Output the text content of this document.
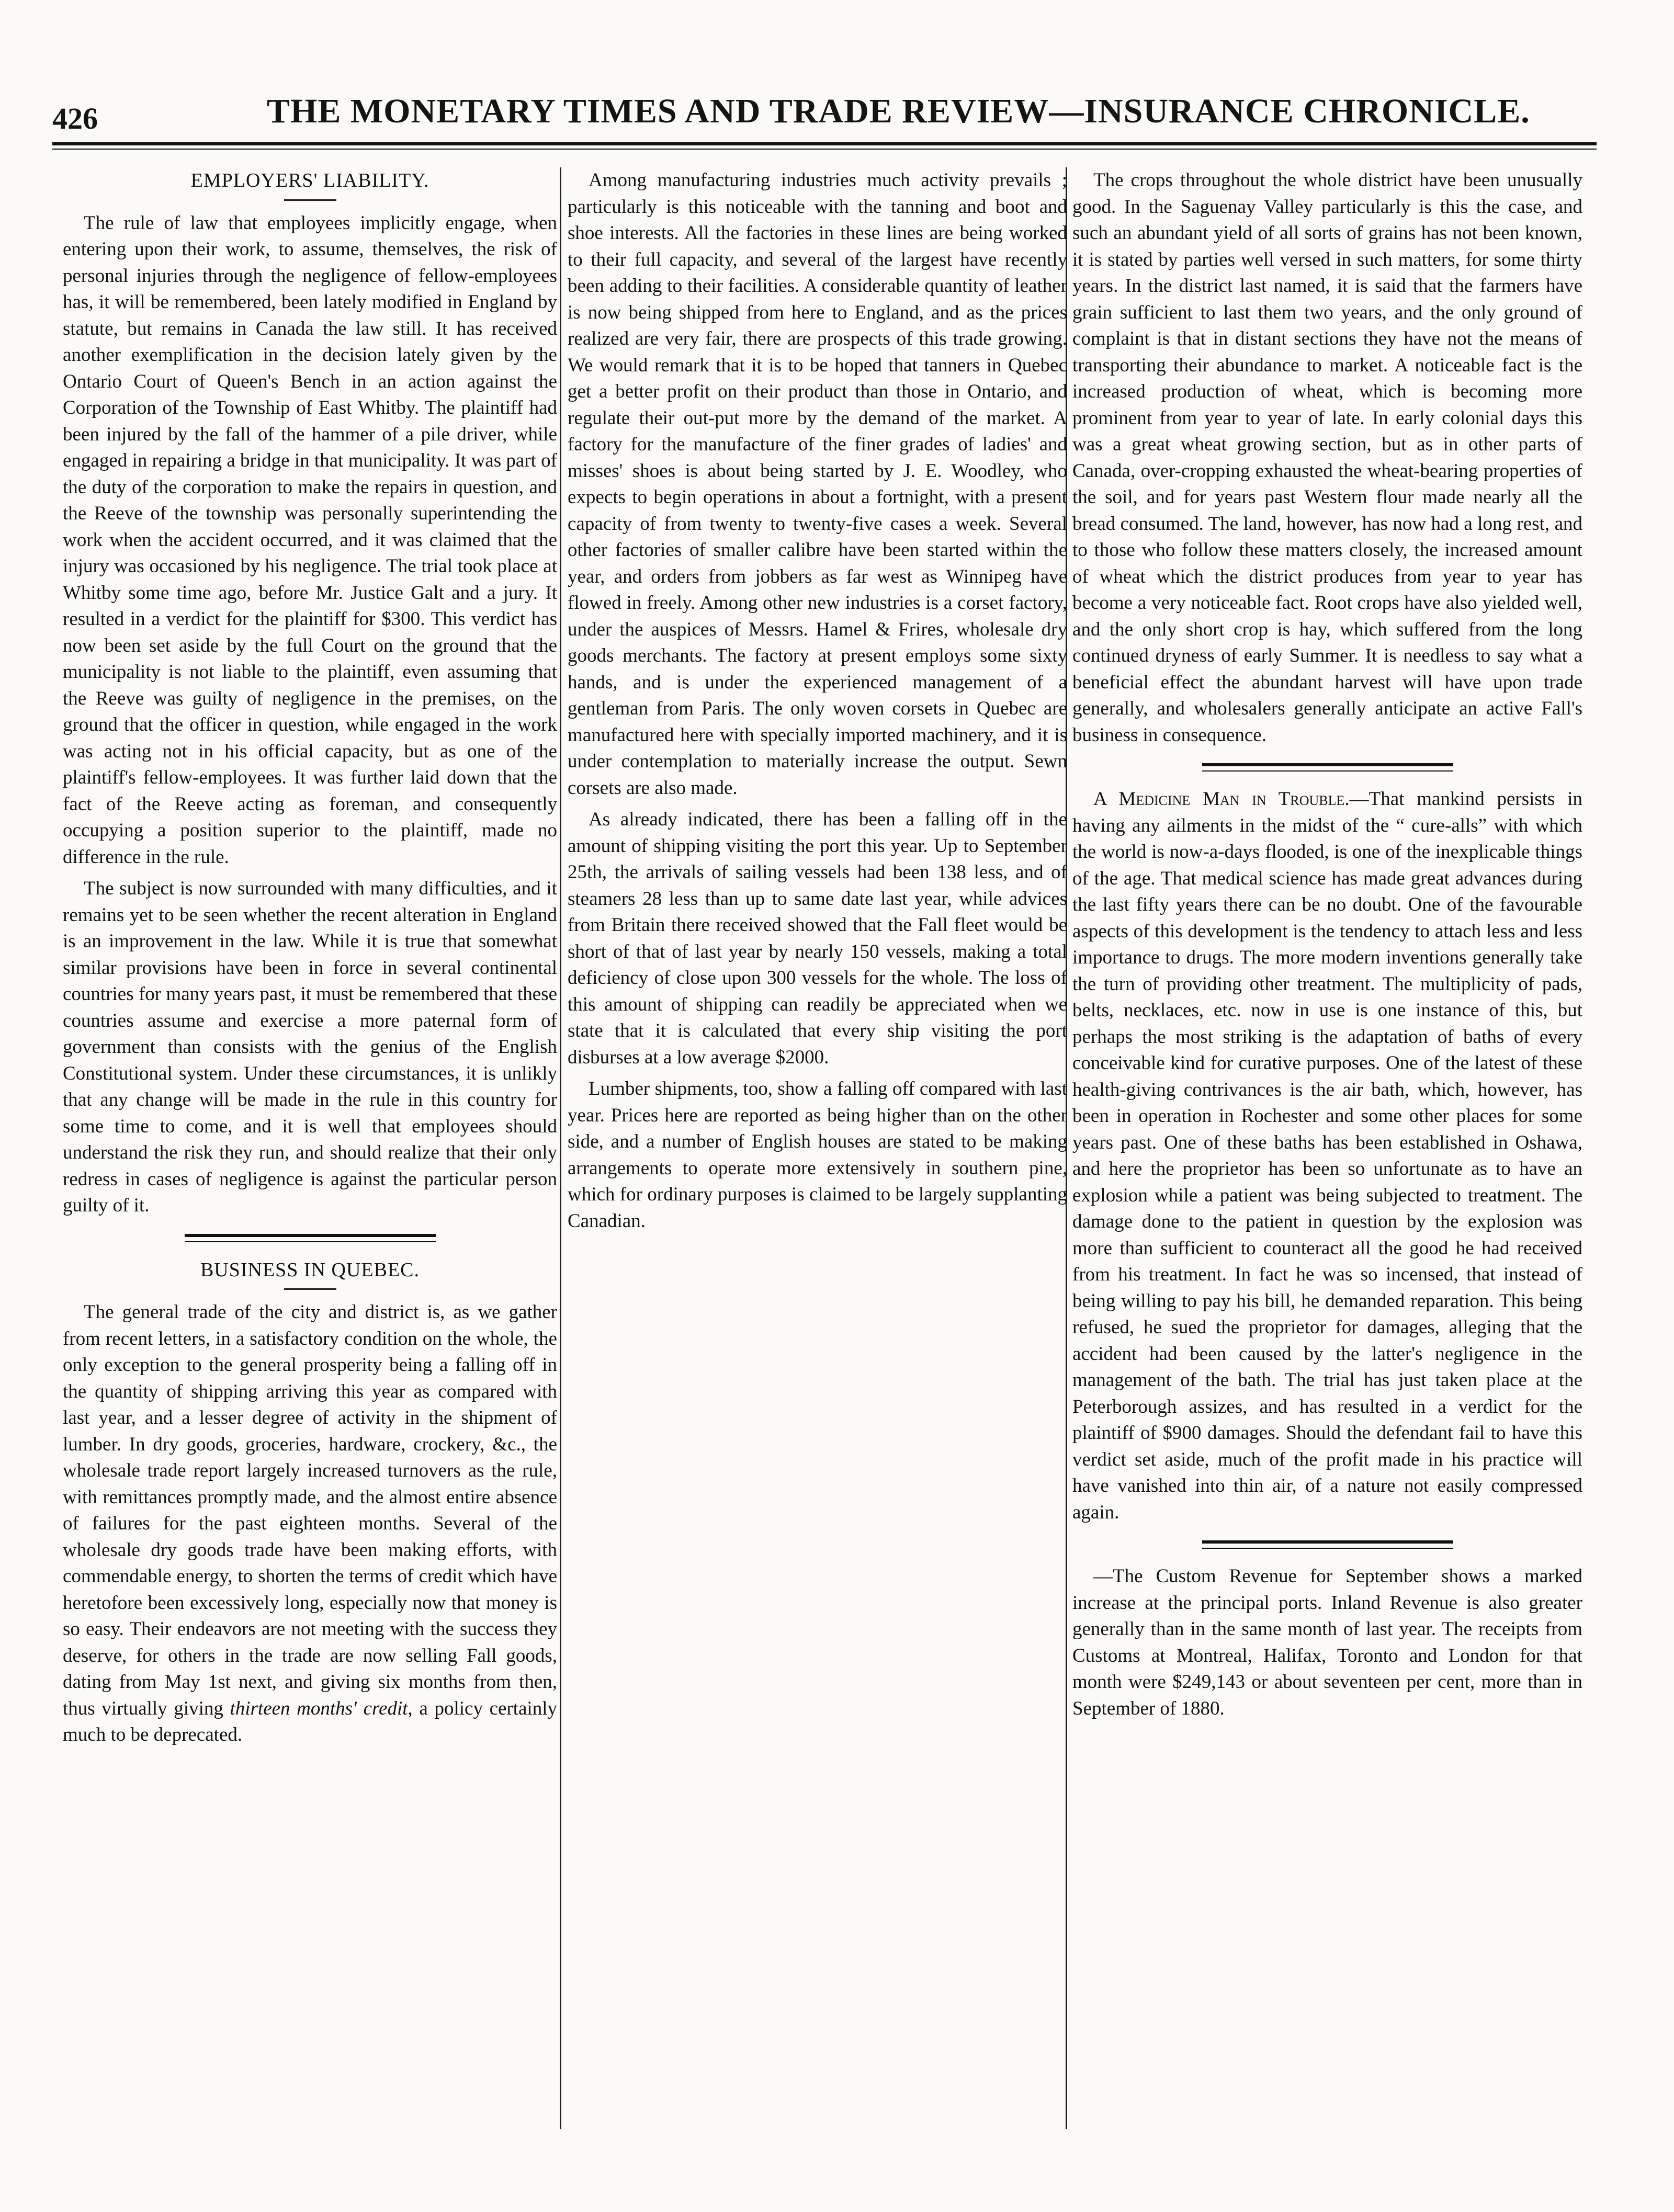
426	THE MONETARY TIMES AND TRADE REVIEW—INSURANCE CHRONICLE.
EMPLOYERS' LIABILITY.

The rule of law that employees implicitly engage, when entering upon their work, to assume, themselves, the risk of personal injuries through the negligence of fellow-employees has, it will be remembered, been lately modified in England by statute, but remains in Canada the law still. It has received another exemplification in the decision lately given by the Ontario Court of Queen's Bench in an action against the Corporation of the Township of East Whitby. The plaintiff had been injured by the fall of the hammer of a pile driver, while engaged in repairing a bridge in that municipality. It was part of the duty of the corporation to make the repairs in question, and the Reeve of the township was personally superintending the work when the accident occurred, and it was claimed that the injury was occasioned by his negligence. The trial took place at Whitby some time ago, before Mr. Justice Galt and a jury. It resulted in a verdict for the plaintiff for $300. This verdict has now been set aside by the full Court on the ground that the municipality is not liable to the plaintiff, even assuming that the Reeve was guilty of negligence in the premises, on the ground that the officer in question, while engaged in the work was acting not in his official capacity, but as one of the plaintiff's fellow-employees. It was further laid down that the fact of the Reeve acting as foreman, and consequently occupying a position superior to the plaintiff, made no difference in the rule.

The subject is now surrounded with many difficulties, and it remains yet to be seen whether the recent alteration in England is an improvement in the law. While it is true that somewhat similar provisions have been in force in several continental countries for many years past, it must be remembered that these countries assume and exercise a more paternal form of government than consists with the genius of the English Constitutional system. Under these circumstances, it is unlikly that any change will be made in the rule in this country for some time to come, and it is well that employees should understand the risk they run, and should realize that their only redress in cases of negligence is against the particular person guilty of it.

BUSINESS IN QUEBEC.

The general trade of the city and district is, as we gather from recent letters, in a satisfactory condition on the whole, the only exception to the general prosperity being a falling off in the quantity of shipping arriving this year as compared with last year, and a lesser degree of activity in the shipment of lumber. In dry goods, groceries, hardware, crockery, &c., the wholesale trade report largely increased turnovers as the rule, with remittances promptly made, and the almost entire absence of failures for the past eighteen months. Several of the wholesale dry goods trade have been making efforts, with commendable energy, to shorten the terms of credit which have heretofore been excessively long, especially now that money is so easy. Their endeavors are not meeting with the success they deserve, for others in the trade are now selling Fall goods, dating from May 1st next, and giving six months from then, thus virtually giving thirteen months' credit, a policy certainly much to be deprecated.

Among manufacturing industries much activity prevails ; particularly is this noticeable with the tanning and boot and shoe interests. All the factories in these lines are being worked to their full capacity, and several of the largest have recently been adding to their facilities. A considerable quantity of leather is now being shipped from here to England, and as the prices realized are very fair, there are prospects of this trade growing. We would remark that it is to be hoped that tanners in Quebec get a better profit on their product than those in Ontario, and regulate their out-put more by the demand of the market. A factory for the manufacture of the finer grades of ladies' and misses' shoes is about being started by J. E. Woodley, who expects to begin operations in about a fortnight, with a present capacity of from twenty to twenty-five cases a week. Several other factories of smaller calibre have been started within the year, and orders from jobbers as far west as Winnipeg have flowed in freely. Among other new industries is a corset factory, under the auspices of Messrs. Hamel & Frires, wholesale dry goods merchants. The factory at present employs some sixty hands, and is under the experienced management of a gentleman from Paris. The only woven corsets in Quebec are manufactured here with specially imported machinery, and it is under contemplation to materially increase the output. Sewn corsets are also made.

As already indicated, there has been a falling off in the amount of shipping visiting the port this year. Up to September 25th, the arrivals of sailing vessels had been 138 less, and of steamers 28 less than up to same date last year, while advices from Britain there received showed that the Fall fleet would be short of that of last year by nearly 150 vessels, making a total deficiency of close upon 300 vessels for the whole. The loss of this amount of shipping can readily be appreciated when we state that it is calculated that every ship visiting the port disburses at a low average $2000.

Lumber shipments, too, show a falling off compared with last year. Prices here are reported as being higher than on the other side, and a number of English houses are stated to be making arrangements to operate more extensively in southern pine, which for ordinary purposes is claimed to be largely supplanting Canadian.

The crops throughout the whole district have been unusually good. In the Saguenay Valley particularly is this the case, and such an abundant yield of all sorts of grains has not been known, it is stated by parties well versed in such matters, for some thirty years. In the district last named, it is said that the farmers have grain sufficient to last them two years, and the only ground of complaint is that in distant sections they have not the means of transporting their abundance to market. A noticeable fact is the increased production of wheat, which is becoming more prominent from year to year of late. In early colonial days this was a great wheat growing section, but as in other parts of Canada, over-cropping exhausted the wheat-bearing properties of the soil, and for years past Western flour made nearly all the bread consumed. The land, however, has now had a long rest, and to those who follow these matters closely, the increased amount of wheat which the district produces from year to year has become a very noticeable fact. Root crops have also yielded well, and the only short crop is hay, which suffered from the long continued dryness of early Summer. It is needless to say what a beneficial effect the abundant harvest will have upon trade generally, and wholesalers generally anticipate an active Fall's business in consequence.

A Medicine Man in Trouble.—That mankind persists in having any ailments in the midst of the “ cure-alls” with which the world is now-a-days flooded, is one of the inexplicable things of the age. That medical science has made great advances during the last fifty years there can be no doubt. One of the favourable aspects of this development is the tendency to attach less and less importance to drugs. The more modern inventions generally take the turn of providing other treatment. The multiplicity of pads, belts, necklaces, etc. now in use is one instance of this, but perhaps the most striking is the adaptation of baths of every conceivable kind for curative purposes. One of the latest of these health-giving contrivances is the air bath, which, however, has been in operation in Rochester and some other places for some years past. One of these baths has been established in Oshawa, and here the proprietor has been so unfortunate as to have an explosion while a patient was being subjected to treatment. The damage done to the patient in question by the explosion was more than sufficient to counteract all the good he had received from his treatment. In fact he was so incensed, that instead of being willing to pay his bill, he demanded reparation. This being refused, he sued the proprietor for damages, alleging that the accident had been caused by the latter's negligence in the management of the bath. The trial has just taken place at the Peterborough assizes, and has resulted in a verdict for the plaintiff of $900 damages. Should the defendant fail to have this verdict set aside, much of the profit made in his practice will have vanished into thin air, of a nature not easily compressed again.

—The Custom Revenue for September shows a marked increase at the principal ports. Inland Revenue is also greater generally than in the same month of last year. The receipts from Customs at Montreal, Halifax, Toronto and London for that month were $249,143 or about seventeen per cent, more than in September of 1880.
